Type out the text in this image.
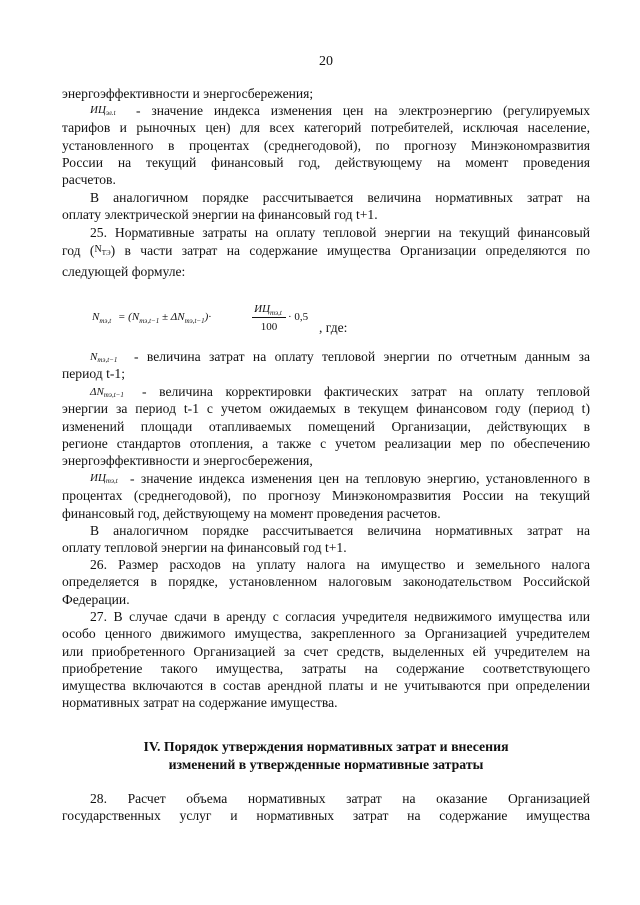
20
энергоэффективности и энергосбережения;
$ИЦ_{эл.t}$	- значение индекса изменения цен на электроэнергию (регулируемых
тарифов и рыночных цен) для всех категорий потребителей, исключая население,
установленного в процентах (среднегодовой), по прогнозу Минэкономразвития
России на текущий финансовый год, действующему на момент проведения
расчетов.
В аналогичном порядке рассчитывается величина нормативных затрат на
оплату электрической энергии на финансовый год t+1.
25. Нормативные затраты на оплату тепловой энергии на текущий финансовый
год ($^{N_{ТЭ}}$) в части затрат на содержание имущества Организации определяются по
следующей формуле:
$N_{тэ,t} = (N_{тэ,t-1} \pm \Delta N_{тэ,t-1})\cdot$
$ИЦ_{тэ,t}$
100
· 0,5
, где:
$N_{тэ,t-1}$	- величина затрат на оплату тепловой энергии по отчетным данным за
период t-1;
$\Delta N_{тэ,t-1}$	- величина корректировки фактических затрат на оплату тепловой
энергии за период t-1 с учетом ожидаемых в текущем финансовом году (период t)
изменений площади отапливаемых помещений Организации, действующих в
регионе стандартов отопления, а также с учетом реализации мер по обеспечению
энергоэффективности и энергосбережения,
$ИЦ_{тэ,t}$ - значение индекса изменения цен на тепловую энергию, установленного в
процентах (среднегодовой), по прогнозу Минэкономразвития России на текущий
финансовый год, действующему на момент проведения расчетов.
В аналогичном порядке рассчитывается величина нормативных затрат на
оплату тепловой энергии на финансовый год t+1.
26. Размер расходов на уплату налога на имущество и земельного налога
определяется в порядке, установленном налоговым законодательством Российской
Федерации.
27. В случае сдачи в аренду с согласия учредителя недвижимого имущества или
особо ценного движимого имущества, закрепленного за Организацией учредителем
или приобретенного Организацией за счет средств, выделенных ей учредителем на
приобретение такого имущества, затраты на содержание соответствующего
имущества включаются в состав арендной платы и не учитываются при определении
нормативных затрат на содержание имущества.
IV. Порядок утверждения нормативных затрат и внесения
изменений в утвержденные нормативные затраты
28. Расчет объема нормативных затрат на оказание Организацией
государственных услуг и нормативных затрат на содержание имущества
